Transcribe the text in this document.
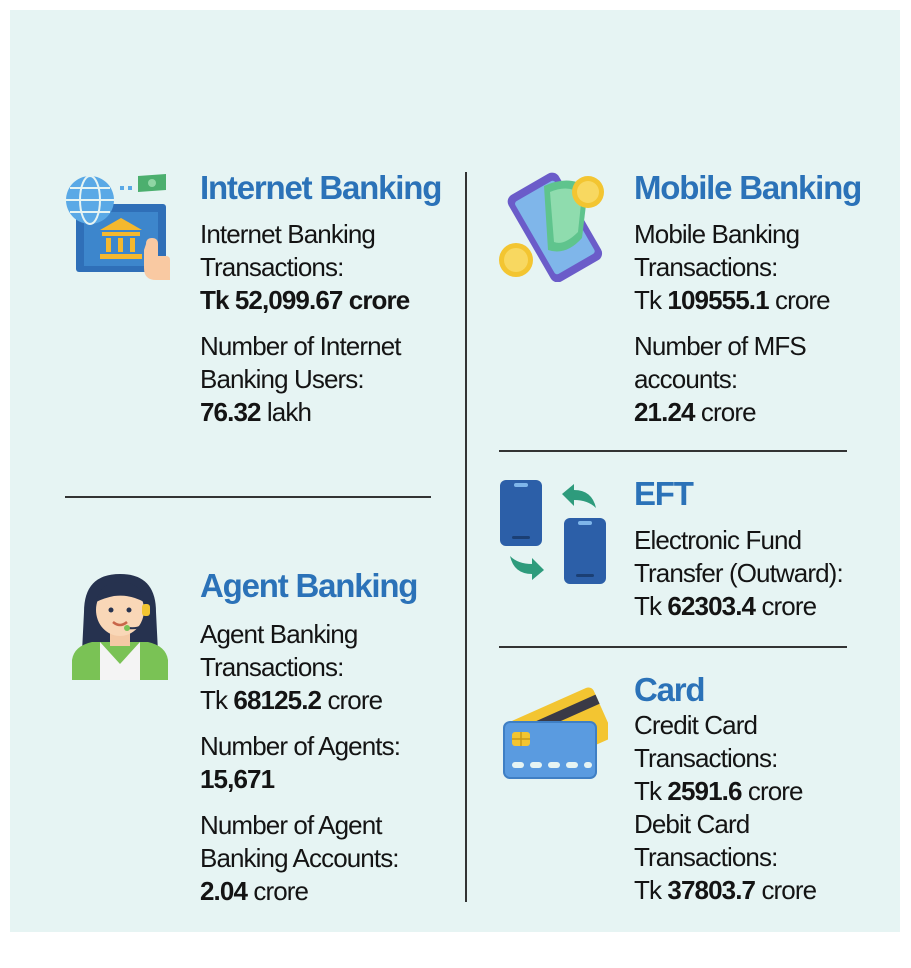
Internet Banking

Internet Banking

Transactions:

Tk 52,099.67 crore

Number of Internet

Banking Users:

76.32 lakh

Mobile Banking

Mobile Banking

Transactions:

Tk 109555.1 crore

Number of MFS

accounts:

21.24 crore

EFT

Electronic Fund

Transfer (Outward):

Tk 62303.4 crore

Agent Banking

Agent Banking

Transactions:

Tk 68125.2 crore

Number of Agents:

15,671

Number of Agent

Banking Accounts:

2.04 crore

Card

Credit Card

Transactions:

Tk 2591.6 crore

Debit Card

Transactions:

Tk 37803.7 crore
